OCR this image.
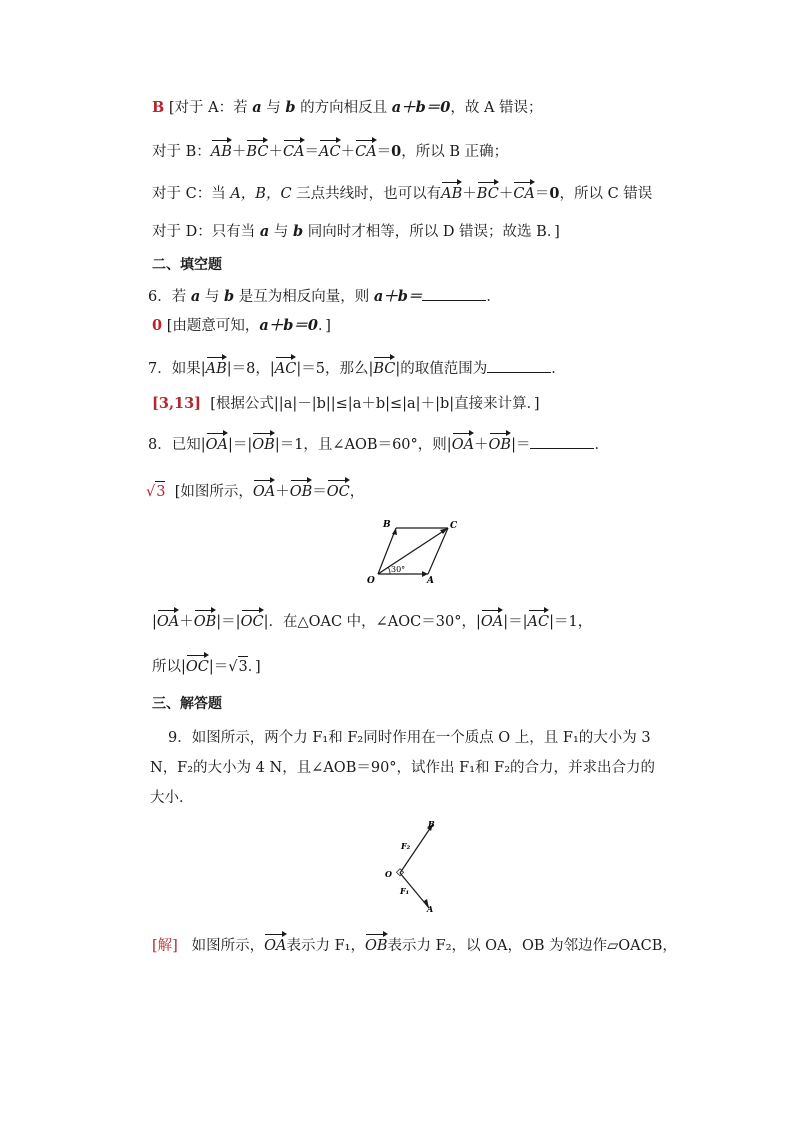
B [对于 A：若 a 与 b 的方向相反且 a＋b＝0，故 A 错误；
对于 B：AB＋BC＋CA＝AC＋CA＝0，所以 B 正确；
对于 C：当 A，B，C 三点共线时，也可以有AB＋BC＋CA＝0，所以 C 错误
对于 D：只有当 a 与 b 同向时才相等，所以 D 错误；故选 B．]
二、填空题
6．若 a 与 b 是互为相反向量，则 a＋b＝	．
0 [由题意可知，a＋b＝0．]
7．如果|AB|＝8，|AC|＝5，那么|BC|的取值范围为	．
[3,13] [根据公式||a|－|b||≤|a＋b|≤|a|＋|b|直接来计算．]
8．已知|OA|＝|OB|＝1，且∠AOB＝60°，则|OA＋OB|＝	．
√3 [如图所示，OA＋OB＝OC，
30°
B	C
O	A
|OA＋OB|＝|OC|．在△OAC 中，∠AOC＝30°，|OA|＝|AC|＝1，
所以|OC|＝√3．]
三、解答题
9．如图所示，两个力 F₁和 F₂同时作用在一个质点 O 上，且 F₁的大小为 3 N，F₂的大小为 4 N，且∠AOB＝90°，试作出 F₁和 F₂的合力，并求出合力的大小．
B
A
O
F₂
F₁
[解] 如图所示，OA表示力 F₁，OB表示力 F₂，以 OA，OB 为邻边作▱OACB，
